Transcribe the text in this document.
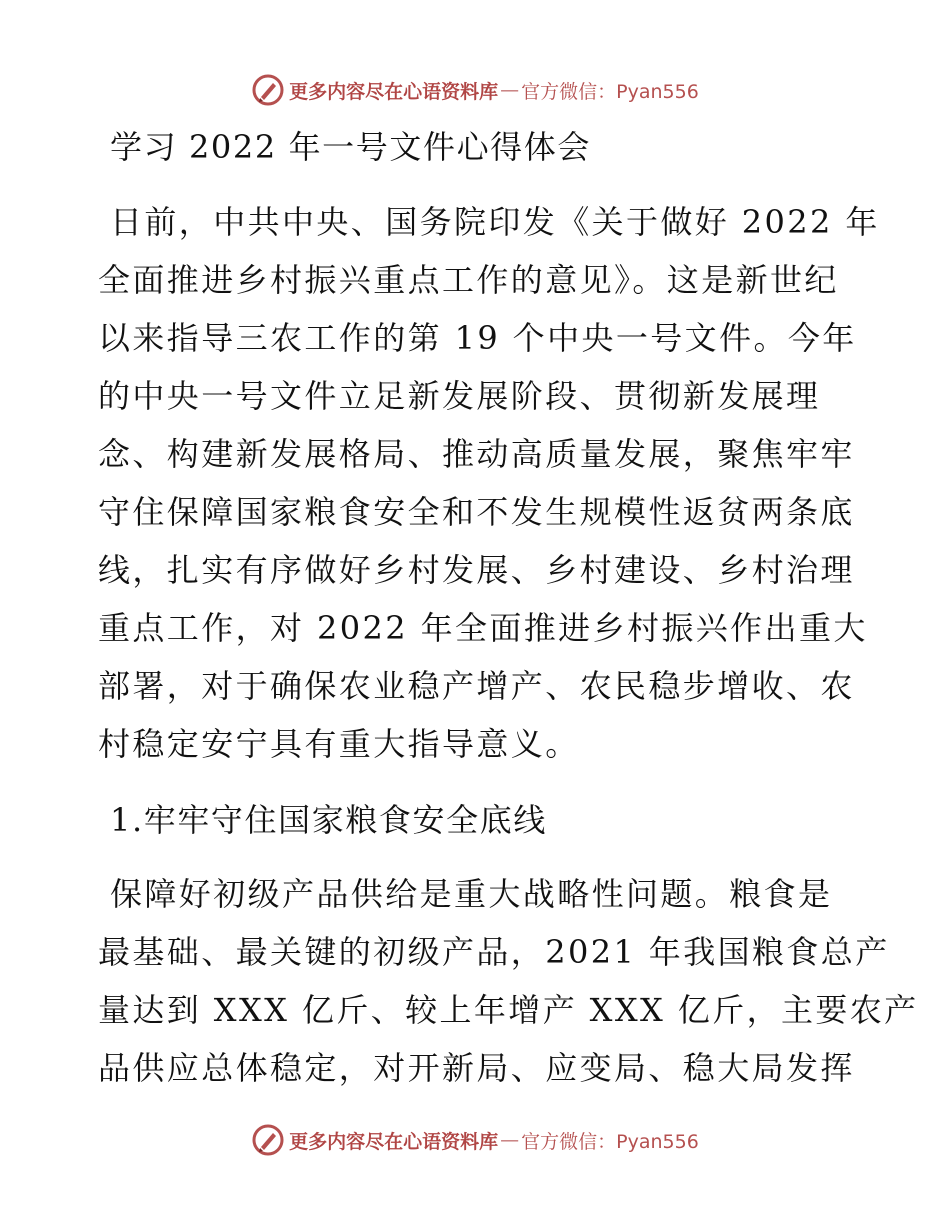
更多内容尽在心语资料库 — 官方微信：Pyan556
学习 2022 年一号文件心得体会
日前，中共中央、国务院印发《关于做好 2022 年
全面推进乡村振兴重点工作的意见》。这是新世纪
以来指导三农工作的第 19 个中央一号文件。今年
的中央一号文件立足新发展阶段、贯彻新发展理
念、构建新发展格局、推动高质量发展，聚焦牢牢
守住保障国家粮食安全和不发生规模性返贫两条底
线，扎实有序做好乡村发展、乡村建设、乡村治理
重点工作，对 2022 年全面推进乡村振兴作出重大
部署，对于确保农业稳产增产、农民稳步增收、农
村稳定安宁具有重大指导意义。
1.牢牢守住国家粮食安全底线
保障好初级产品供给是重大战略性问题。粮食是
最基础、最关键的初级产品，2021 年我国粮食总产
量达到 XXX 亿斤、较上年增产 XXX 亿斤，主要农产
品供应总体稳定，对开新局、应变局、稳大局发挥
更多内容尽在心语资料库 — 官方微信：Pyan556
